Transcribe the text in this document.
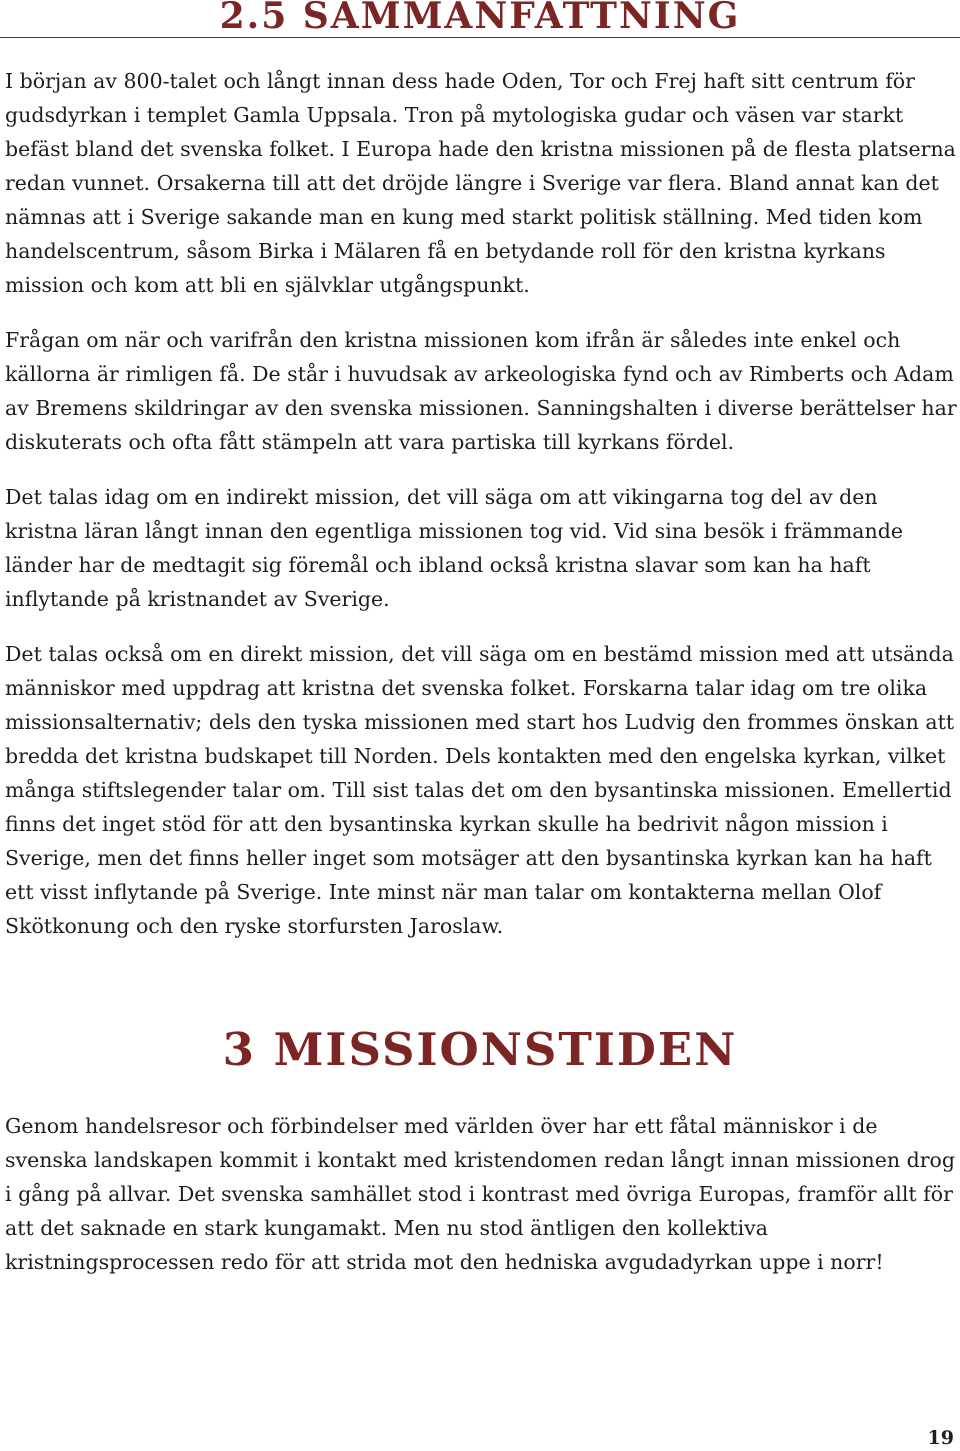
2.5 SAMMANFATTNING

I början av 800-talet och långt innan dess hade Oden, Tor och Frej haft sitt centrum för gudsdyrkan i templet Gamla Uppsala. Tron på mytologiska gudar och väsen var starkt befäst bland det svenska folket. I Europa hade den kristna missionen på de flesta platserna redan vunnet. Orsakerna till att det dröjde längre i Sverige var flera. Bland annat kan det nämnas att i Sverige sakande man en kung med starkt politisk ställning. Med tiden kom handelscentrum, såsom Birka i Mälaren få en betydande roll för den kristna kyrkans mission och kom att bli en självklar utgångspunkt.

Frågan om när och varifrån den kristna missionen kom ifrån är således inte enkel och källorna är rimligen få. De står i huvudsak av arkeologiska fynd och av Rimberts och Adam av Bremens skildringar av den svenska missionen. Sanningshalten i diverse berättelser har diskuterats och ofta fått stämpeln att vara partiska till kyrkans fördel.

Det talas idag om en indirekt mission, det vill säga om att vikingarna tog del av den kristna läran långt innan den egentliga missionen tog vid. Vid sina besök i främmande länder har de medtagit sig föremål och ibland också kristna slavar som kan ha haft inflytande på kristnandet av Sverige.

Det talas också om en direkt mission, det vill säga om en bestämd mission med att utsända människor med uppdrag att kristna det svenska folket. Forskarna talar idag om tre olika missionsalternativ; dels den tyska missionen med start hos Ludvig den frommes önskan att bredda det kristna budskapet till Norden. Dels kontakten med den engelska kyrkan, vilket många stiftslegender talar om. Till sist talas det om den bysantinska missionen. Emellertid finns det inget stöd för att den bysantinska kyrkan skulle ha bedrivit någon mission i Sverige, men det finns heller inget som motsäger att den bysantinska kyrkan kan ha haft ett visst inflytande på Sverige. Inte minst när man talar om kontakterna mellan Olof Skötkonung och den ryske storfursten Jaroslaw.

3 MISSIONSTIDEN

Genom handelsresor och förbindelser med världen över har ett fåtal människor i de svenska landskapen kommit i kontakt med kristendomen redan långt innan missionen drog i gång på allvar. Det svenska samhället stod i kontrast med övriga Europas, framför allt för att det saknade en stark kungamakt. Men nu stod äntligen den kollektiva kristningsprocessen redo för att strida mot den hedniska avgudadyrkan uppe i norr!

19
